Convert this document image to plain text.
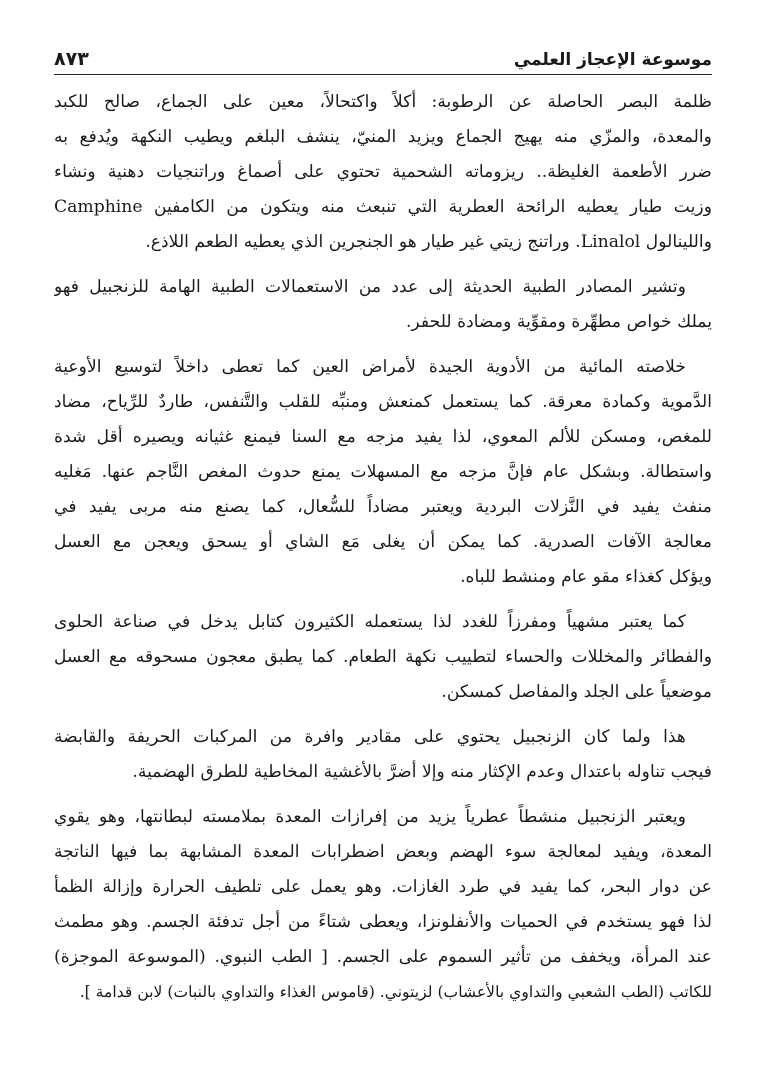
موسوعة الإعجاز العلمي
٨٧٣
ظلمة البصر الحاصلة عن الرطوبة: أكلاً واكتحالاً، معين على الجماع، صالح للكبد
والمعدة، والمزّي منه يهيج الجماع ويزيد المنيّ، ينشف البلغم ويطيب النكهة ويُدفع به
ضرر الأطعمة الغليظة.. ريزوماته الشحمية تحتوي على أصماغ وراتنجيات دهنية ونشاء
وزيت طيار يعطيه الرائحة العطرية التي تنبعث منه ويتكون من الكامفين Camphine
واللينالول Linalol. وراتنج زيتي غير طيار هو الجنجرين الذي يعطيه الطعم اللاذع.
وتشير المصادر الطبية الحديثة إلى عدد من الاستعمالات الطبية الهامة للزنجبيل فهو
يملك خواص مطهِّرة ومقوِّية ومضادة للحفر.
خلاصته المائية من الأدوية الجيدة لأمراض العين كما تعطى داخلاً لتوسيع الأوعية
الدَّموية وكمادة معرقة. كما يستعمل كمنعش ومنبِّه للقلب والتَّنفس، طاردٌ للرِّياح، مضاد
للمغص، ومسكن للألم المعوي، لذا يفيد مزجه مع السنا فيمنع غثيانه ويصيره أقل شدة
واستطالة. وبشكل عام فإنَّ مزجه مع المسهلات يمنع حدوث المغص النَّاجم عنها. مَغليه
منفث يفيد في النَّزلات البردية ويعتبر مضاداً للسُّعال، كما يصنع منه مربى يفيد في
معالجة الآفات الصدرية. كما يمكن أن يغلى مَع الشاي أو يسحق ويعجن مع العسل
ويؤكل كغذاء مقو عام ومنشط للباه.
كما يعتبر مشهياً ومفرزاً للغدد لذا يستعمله الكثيرون كتابل يدخل في صناعة الحلوى
والفطائر والمخللات والحساء لتطييب نكهة الطعام. كما يطبق معجون مسحوقه مع العسل
موضعياً على الجلد والمفاصل كمسكن.
هذا ولما كان الزنجبيل يحتوي على مقادير وافرة من المركبات الحريفة والقابضة
فيجب تناوله باعتدال وعدم الإكثار منه وإلا أضرَّ بالأغشية المخاطية للطرق الهضمية.
ويعتبر الزنجبيل منشطاً عطرياً يزيد من إفرازات المعدة بملامسته لبطانتها، وهو يقوي
المعدة، ويفيد لمعالجة سوء الهضم وبعض اضطرابات المعدة المشابهة بما فيها الناتجة
عن دوار البحر، كما يفيد في طرد الغازات. وهو يعمل على تلطيف الحرارة وإزالة الظمأ
لذا فهو يستخدم في الحميات والأنفلونزا، ويعطى شتاءً من أجل تدفئة الجسم. وهو مطمث
عند المرأة، ويخفف من تأثير السموم على الجسم. [ الطب النبوي. (الموسوعة الموجزة)
للكاتب (الطب الشعبي والتداوي بالأعشاب) لزيتوني. (قاموس الغذاء والتداوي بالنبات) لابن قدامة ].
